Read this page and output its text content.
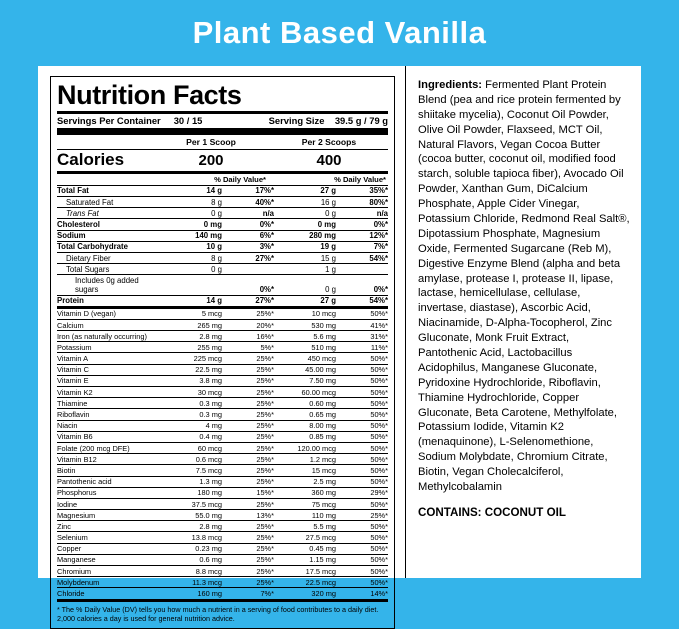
Plant Based Vanilla
Nutrition Facts
Servings Per Container 30 / 15	Serving Size 39.5 g / 79 g
Per 1 Scoop	Per 2 Scoops
Calories	200	400
% Daily Value*	% Daily Value*
Total Fat	14 g	17%*	27 g	35%*
Saturated Fat	8 g	40%*	16 g	80%*
Trans Fat	0 g	n/a	0 g	n/a
Cholesterol	0 mg	0%*	0 mg	0%*
Sodium	140 mg	6%*	280 mg	12%*
Total Carbohydrate	10 g	3%*	19 g	7%*
Dietary Fiber	8 g	27%*	15 g	54%*
Total Sugars	0 g		1 g	
Includes 0g added sugars		0%*	0 g	0%*
Protein	14 g	27%*	27 g	54%*
Vitamin D (vegan)	5 mcg	25%*	10 mcg	50%*
Calcium	265 mg	20%*	530 mg	41%*
Iron (as naturally occurring)	2.8 mg	16%*	5.6 mg	31%*
Potassium	255 mg	5%*	510 mg	11%*
Vitamin A	225 mcg	25%*	450 mcg	50%*
Vitamin C	22.5 mg	25%*	45.00 mg	50%*
Vitamin E	3.8 mg	25%*	7.50 mg	50%*
Vitamin K2	30 mcg	25%*	60.00 mcg	50%*
Thiamine	0.3 mg	25%*	0.60 mg	50%*
Riboflavin	0.3 mg	25%*	0.65 mg	50%*
Niacin	4 mg	25%*	8.00 mg	50%*
Vitamin B6	0.4 mg	25%*	0.85 mg	50%*
Folate (200 mcg DFE)	60 mcg	25%*	120.00 mcg	50%*
Vitamin B12	0.6 mcg	25%*	1.2 mcg	50%*
Biotin	7.5 mcg	25%*	15 mcg	50%*
Pantothenic acid	1.3 mg	25%*	2.5 mg	50%*
Phosphorus	180 mg	15%*	360 mg	29%*
Iodine	37.5 mcg	25%*	75 mcg	50%*
Magnesium	55.0 mg	13%*	110 mg	25%*
Zinc	2.8 mg	25%*	5.5 mg	50%*
Selenium	13.8 mcg	25%*	27.5 mcg	50%*
Copper	0.23 mg	25%*	0.45 mg	50%*
Manganese	0.6 mg	25%*	1.15 mg	50%*
Chromium	8.8 mcg	25%*	17.5 mcg	50%*
Molybdenum	11.3 mcg	25%*	22.5 mcg	50%*
Chloride	160 mg	7%*	320 mg	14%*
* The % Daily Value (DV) tells you how much a nutrient in a serving of food contributes to a daily diet. 2,000 calories a day is used for general nutrition advice.
Ingredients: Fermented Plant Protein Blend (pea and rice protein fermented by shiitake mycelia), Coconut Oil Powder, Olive Oil Powder, Flaxseed, MCT Oil, Natural Flavors, Vegan Cocoa Butter (cocoa butter, coconut oil, modified food starch, soluble tapioca fiber), Avocado Oil Powder, Xanthan Gum, DiCalcium Phosphate, Apple Cider Vinegar, Potassium Chloride, Redmond Real Salt®, Dipotassium Phosphate, Magnesium Oxide, Fermented Sugarcane (Reb M), Digestive Enzyme Blend (alpha and beta amylase, protease I, protease II, lipase, lactase, hemicellulase, cellulase, invertase, diastase), Ascorbic Acid, Niacinamide, D-Alpha-Tocopherol, Zinc Gluconate, Monk Fruit Extract, Pantothenic Acid, Lactobacillus Acidophilus, Manganese Gluconate, Pyridoxine Hydrochloride, Riboflavin, Thiamine Hydrochloride, Copper Gluconate, Beta Carotene, Methylfolate, Potassium Iodide, Vitamin K2 (menaquinone), L-Selenomethione, Sodium Molybdate, Chromium Citrate, Biotin, Vegan Cholecalciferol, Methylcobalamin
CONTAINS: COCONUT OIL
